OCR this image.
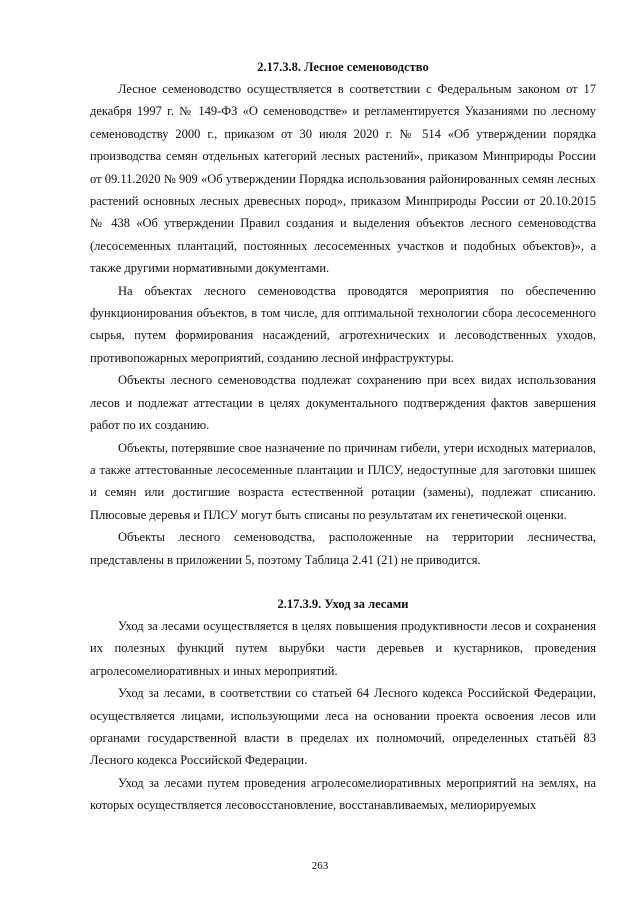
2.17.3.8. Лесное семеноводство

Лесное семеноводство осуществляется в соответствии с Федеральным законом от 17 декабря 1997 г. № 149-ФЗ «О семеноводстве» и регламентируется Указаниями по лесному семеноводству 2000 г., приказом от 30 июля 2020 г. № 514 «Об утверждении порядка производства семян отдельных категорий лесных растений», приказом Минприроды России от 09.11.2020 № 909 «Об утверждении Порядка использования районированных семян лесных растений основных лесных древесных пород», приказом Минприроды России от 20.10.2015 № 438 «Об утверждении Правил создания и выделения объектов лесного семеноводства (лесосеменных плантаций, постоянных лесосеменных участков и подобных объектов)», а также другими нормативными документами.

На объектах лесного семеноводства проводятся мероприятия по обеспечению функционирования объектов, в том числе, для оптимальной технологии сбора лесосеменного сырья, путем формирования насаждений, агротехнических и лесоводственных уходов, противопожарных мероприятий, созданию лесной инфраструктуры.

Объекты лесного семеноводства подлежат сохранению при всех видах использования лесов и подлежат аттестации в целях документального подтверждения фактов завершения работ по их созданию.

Объекты, потерявшие свое назначение по причинам гибели, утери исходных материалов, а также аттестованные лесосеменные плантации и ПЛСУ, недоступные для заготовки шишек и семян или достигшие возраста естественной ротации (замены), подлежат списанию. Плюсовые деревья и ПЛСУ могут быть списаны по результатам их генетической оценки.

Объекты лесного семеноводства, расположенные на территории лесничества, представлены в приложении 5, поэтому Таблица 2.41 (21) не приводится.

2.17.3.9. Уход за лесами

Уход за лесами осуществляется в целях повышения продуктивности лесов и сохранения их полезных функций путем вырубки части деревьев и кустарников, проведения агролесомелиоративных и иных мероприятий.

Уход за лесами, в соответствии со статьей 64 Лесного кодекса Российской Федерации, осуществляется лицами, использующими леса на основании проекта освоения лесов или органами государственной власти в пределах их полномочий, определенных статьёй 83 Лесного кодекса Российской Федерации.

Уход за лесами путем проведения агролесомелиоративных мероприятий на землях, на которых осуществляется лесовосстановление, восстанавливаемых, мелиорируемых

263
